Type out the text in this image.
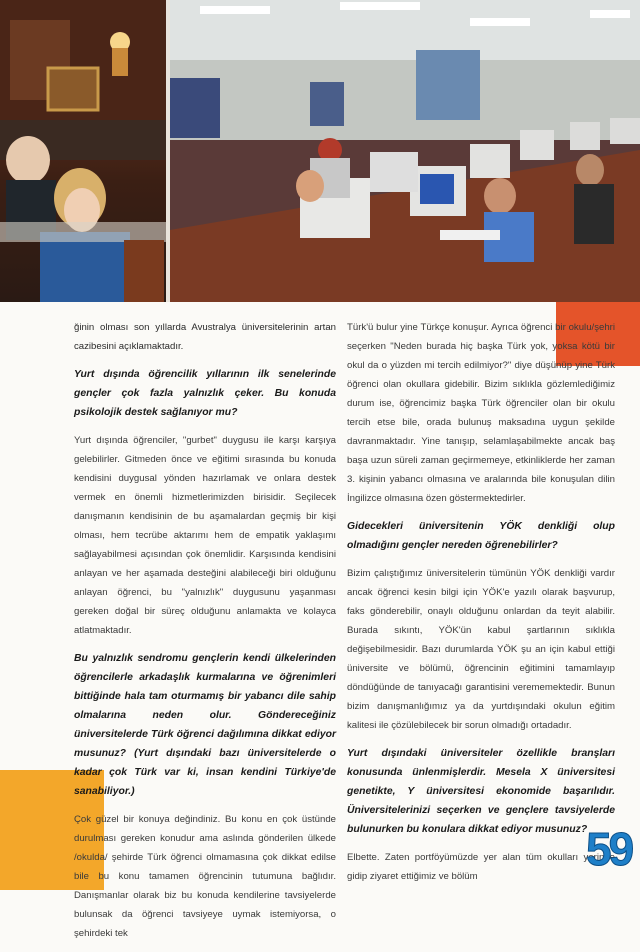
ğinin olması son yıllarda Avustralya üniversitelerinin artan cazibesini açıklamaktadır.

Yurt dışında öğrencilik yıllarının ilk senelerinde gençler çok fazla yalnızlık çeker. Bu konuda psikolojik destek sağlanıyor mu?

Yurt dışında öğrenciler, "gurbet" duygusu ile karşı karşıya gelebilirler. Gitmeden önce ve eğitimi sırasında bu konuda kendisini duygusal yönden hazırlamak ve onlara destek vermek en önemli hizmetlerimizden birisidir. Seçilecek danışmanın kendisinin de bu aşamalardan geçmiş bir kişi olması, hem tecrübe aktarımı hem de empatik yaklaşımı sağlayabilmesi açısından çok önemlidir. Karşısında kendisini anlayan ve her aşamada desteğini alabileceği biri olduğunu anlayan öğrenci, bu "yalnızlık" duygusunu yaşanması gereken doğal bir süreç olduğunu anlamakta ve kolayca atlatmaktadır.

Bu yalnızlık sendromu gençlerin kendi ülkelerinden öğrencilerle arkadaşlık kurmalarına ve öğrenimleri bittiğinde hala tam oturmamış bir yabancı dile sahip olmalarına neden olur. Göndereceğiniz üniversitelerde Türk öğrenci dağılımına dikkat ediyor musunuz? (Yurt dışındaki bazı üniversitelerde o kadar çok Türk var ki, insan kendini Türkiye'de sanabiliyor.)

Çok güzel bir konuya değindiniz. Bu konu en çok üstünde durulması gereken konudur ama aslında gönderilen ülkede /okulda/ şehirde Türk öğrenci olmamasına çok dikkat edilse bile bu konu tamamen öğrencinin tutumuna bağlıdır. Danışmanlar olarak biz bu konuda kendilerine tavsiyelerde bulunsak da öğrenci tavsiyeye uymak istemiyorsa, o şehirdeki tek

Türk'ü bulur yine Türkçe konuşur. Ayrıca öğrenci bir okulu/şehri seçerken "Neden burada hiç başka Türk yok, yoksa kötü bir okul da o yüzden mi tercih edilmiyor?" diye düşünüp yine Türk öğrenci olan okullara gidebilir. Bizim sıklıkla gözlemlediğimiz durum ise, öğrencimiz başka Türk öğrenciler olan bir okulu tercih etse bile, orada bulunuş maksadına uygun şekilde davranmaktadır. Yine tanışıp, selamlaşabilmekte ancak baş başa uzun süreli zaman geçirmemeye, etkinliklerde her zaman 3. kişinin yabancı olmasına ve aralarında bile konuşulan dilin İngilizce olmasına özen göstermektedirler.

Gidecekleri üniversitenin YÖK denkliği olup olmadığını gençler nereden öğrenebilirler?

Bizim çalıştığımız üniversitelerin tümünün YÖK denkliği vardır ancak öğrenci kesin bilgi için YÖK'e yazılı olarak başvurup, faks gönderebilir, onaylı olduğunu onlardan da teyit alabilir. Burada sıkıntı, YÖK'ün kabul şartlarının sıklıkla değişebilmesidir. Bazı durumlarda YÖK şu an için kabul ettiği üniversite ve bölümü, öğrencinin eğitimini tamamlayıp döndüğünde de tanıyacağı garantisini verememektedir. Bunun bizim danışmanlığımız ya da yurtdışındaki okulun eğitim kalitesi ile çözülebilecek bir sorun olmadığı ortadadır.

Yurt dışındaki üniversiteler özellikle branşları konusunda ünlenmişlerdir. Mesela X üniversitesi genetikte, Y üniversitesi ekonomide başarılıdır. Üniversitelerinizi seçerken ve gençlere tavsiyelerde bulunurken bu konulara dikkat ediyor musunuz?

Elbette. Zaten portföyümüzde yer alan tüm okulları yerinde gidip ziyaret ettiğimiz ve bölüm

59
